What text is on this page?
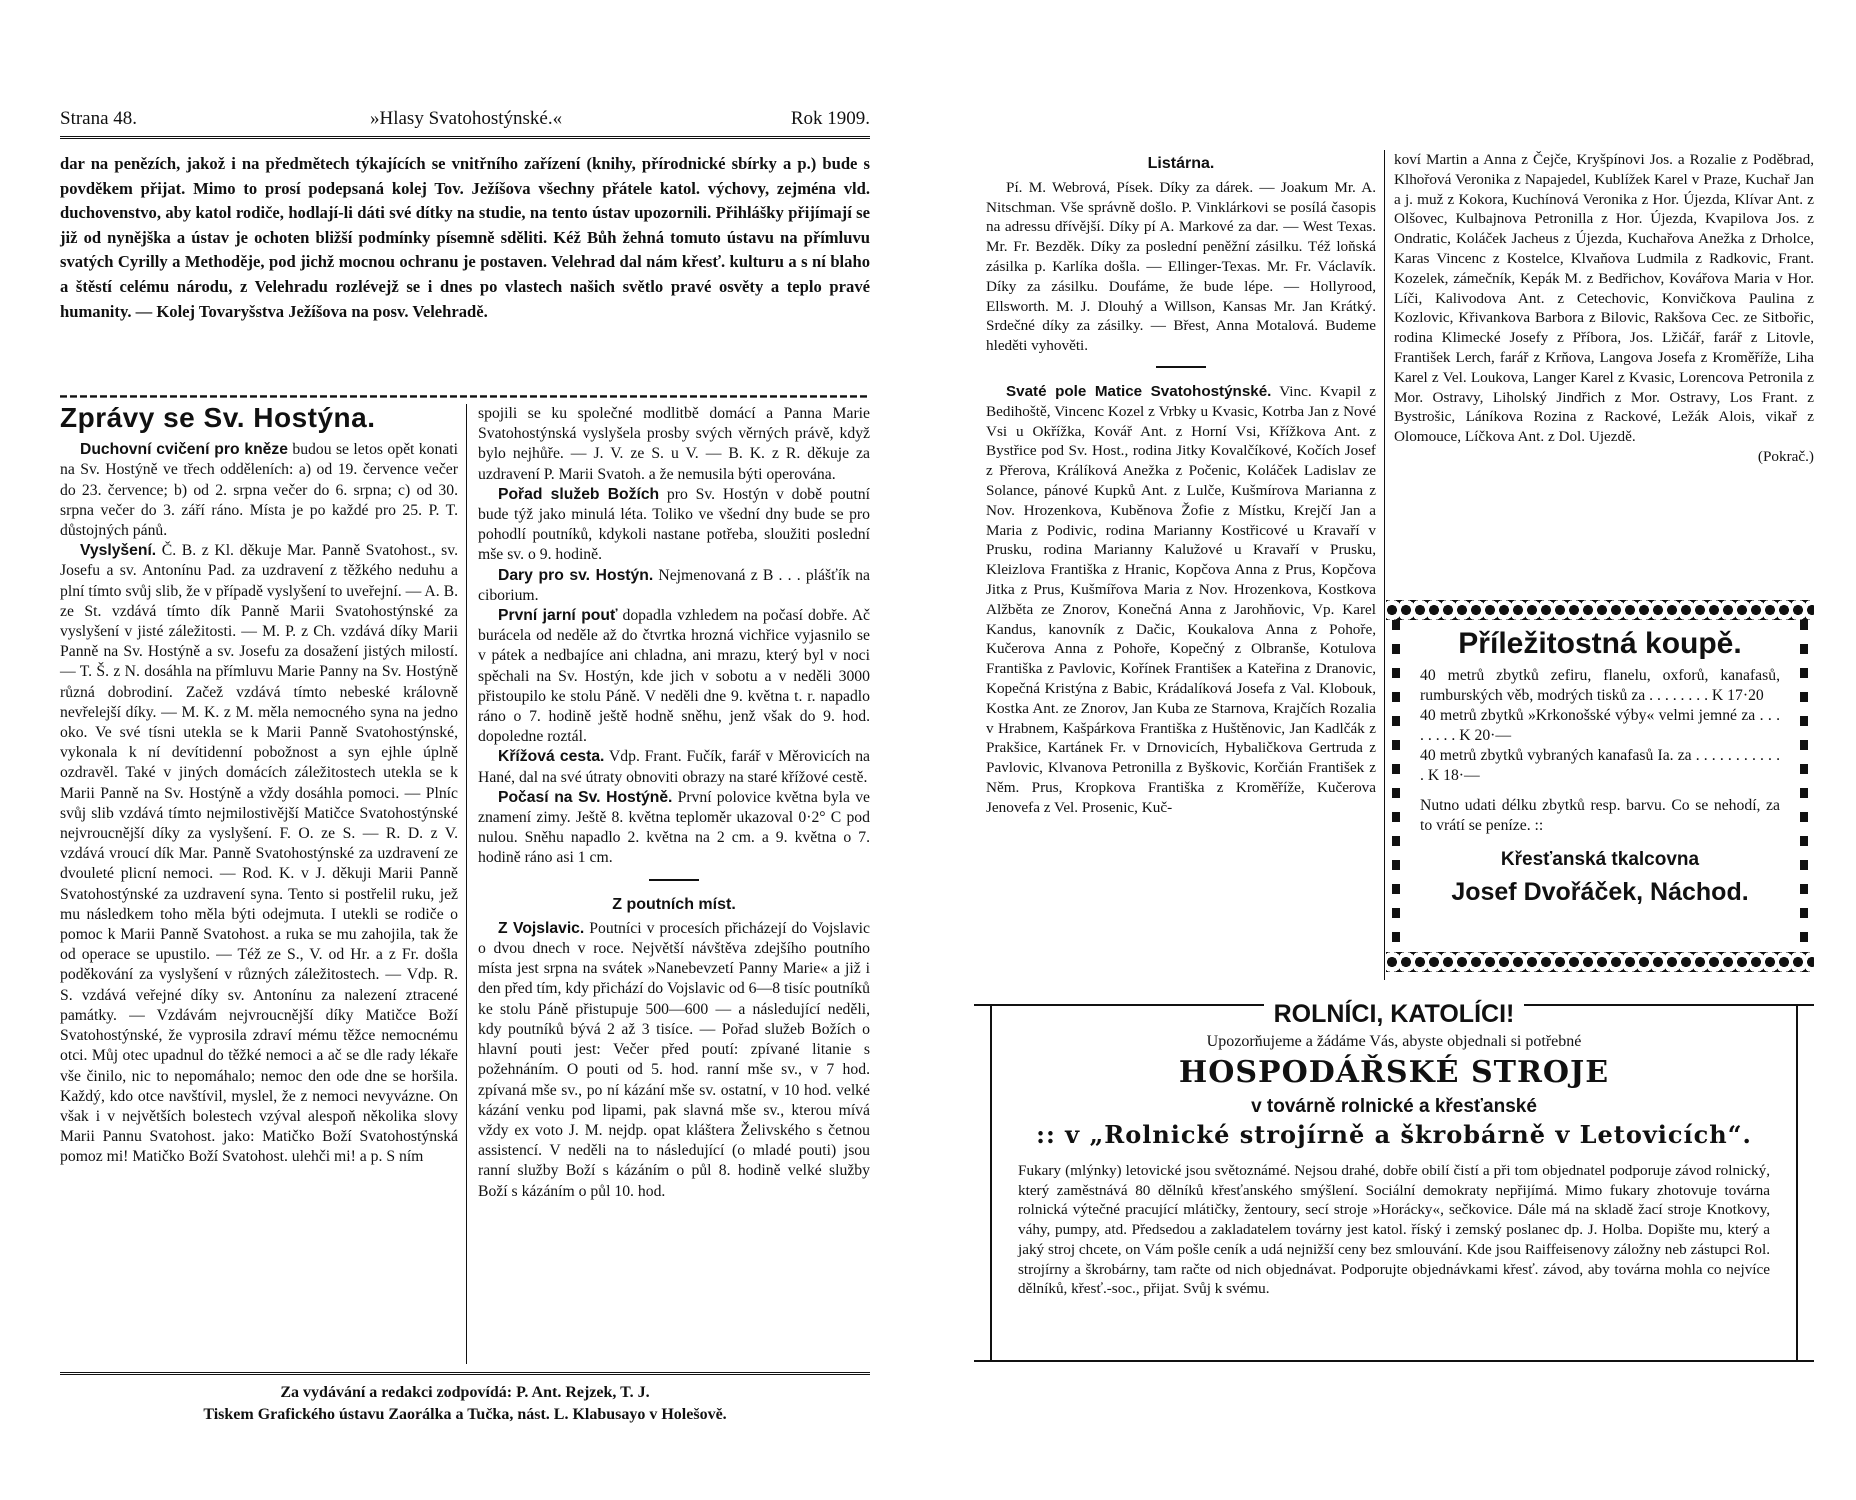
Strana 48.	»Hlasy Svatohostýnské.«	Rok 1909.
dar na penězích, jakož i na předmětech týkajících se vnitřního zařízení (knihy, přírodnické sbírky a p.) bude s povděkem přijat. Mimo to prosí podepsaná kolej Tov. Ježíšova všechny přátele katol. výchovy, zejména vld. duchovenstvo, aby katol rodiče, hodlají-li dáti své dítky na studie, na tento ústav upozornili. Přihlášky přijímají se již od nynějška a ústav je ochoten bližší podmínky písemně sděliti. Kéž Bůh žehná tomuto ústavu na přímluvu svatých Cyrilly a Methoděje, pod jichž mocnou ochranu je postaven. Velehrad dal nám křesť. kulturu a s ní blaho a štěstí celému národu, z Velehradu rozlévejž se i dnes po vlastech našich světlo pravé osvěty a teplo pravé humanity. — Kolej Tovaryšstva Ježíšova na posv. Velehradě.
Zprávy se Sv. Hostýna.

Duchovní cvičení pro kněze budou se letos opět konati na Sv. Hostýně ve třech odděleních: a) od 19. července večer do 23. července; b) od 2. srpna večer do 6. srpna; c) od 30. srpna večer do 3. září ráno. Místa je po každé pro 25. P. T. důstojných pánů.

Vyslyšení. Č. B. z Kl. děkuje Mar. Panně Svatohost., sv. Josefu a sv. Antonínu Pad. za uzdravení z těžkého neduhu a plní tímto svůj slib, že v případě vyslyšení to uveřejní. — A. B. ze St. vzdává tímto dík Panně Marii Svatohostýnské za vyslyšení v jisté záležitosti. — M. P. z Ch. vzdává díky Marii Panně na Sv. Hostýně a sv. Josefu za dosažení jistých milostí. — T. Š. z N. dosáhla na přímluvu Marie Panny na Sv. Hostýně různá dobrodiní. Začež vzdává tímto nebeské královně nevřelejší díky. — M. K. z M. měla nemocného syna na jedno oko. Ve své tísni utekla se k Marii Panně Svatohostýnské, vykonala k ní devítidenní pobožnost a syn ejhle úplně ozdravěl. Také v jiných domácích záležitostech utekla se k Marii Panně na Sv. Hostýně a vždy dosáhla pomoci. — Plníc svůj slib vzdává tímto nejmilostivější Matičce Svatohostýnské nejvroucnější díky za vyslyšení. F. O. ze S. — R. D. z V. vzdává vroucí dík Mar. Panně Svatohostýnské za uzdravení ze dvouleté plicní nemoci. — Rod. K. v J. děkuji Marii Panně Svatohostýnské za uzdravení syna. Tento si postřelil ruku, jež mu následkem toho měla býti odejmuta. I utekli se rodiče o pomoc k Marii Panně Svatohost. a ruka se mu zahojila, tak že od operace se upustilo. — Též ze S., V. od Hr. a z Fr. došla poděkování za vyslyšení v různých záležitostech. — Vdp. R. S. vzdává veřejné díky sv. Antonínu za nalezení ztracené památky. — Vzdávám nejvroucnější díky Matičce Boží Svatohostýnské, že vyprosila zdraví mému těžce nemocnému otci. Můj otec upadnul do těžké nemoci a ač se dle rady lékaře vše činilo, nic to nepomáhalo; nemoc den ode dne se horšila. Každý, kdo otce navštívil, myslel, že z nemoci nevyvázne. On však i v největších bolestech vzýval alespoň několika slovy Marii Pannu Svatohost. jako: Matičko Boží Svatohostýnská pomoz mi! Matičko Boží Svatohost. ulehči mi! a p. S ním

spojili se ku společné modlitbě domácí a Panna Marie Svatohostýnská vyslyšela prosby svých věrných právě, když bylo nejhůře. — J. V. ze S. u V. — B. K. z R. děkuje za uzdravení P. Marii Svatoh. a že nemusila býti operována.

Pořad služeb Božích pro Sv. Hostýn v době poutní bude týž jako minulá léta. Toliko ve všední dny bude se pro pohodlí poutníků, kdykoli nastane potřeba, sloužiti poslední mše sv. o 9. hodině.

Dary pro sv. Hostýn. Nejmenovaná z B . . . plášťík na ciborium.

První jarní pouť dopadla vzhledem na počasí dobře. Ač burácela od neděle až do čtvrtka hrozná vichřice vyjasnilo se v pátek a nedbajíce ani chladna, ani mrazu, který byl v noci spěchali na Sv. Hostýn, kde jich v sobotu a v neděli 3000 přistoupilo ke stolu Páně. V neděli dne 9. května t. r. napadlo ráno o 7. hodině ještě hodně sněhu, jenž však do 9. hod. dopoledne roztál.

Křížová cesta. Vdp. Frant. Fučík, farář v Měrovicích na Hané, dal na své útraty obnoviti obrazy na staré křížové cestě.

Počasí na Sv. Hostýně. První polovice května byla ve znamení zimy. Ještě 8. května teploměr ukazoval 0·2° C pod nulou. Sněhu napadlo 2. května na 2 cm. a 9. května o 7. hodině ráno asi 1 cm.

Z poutních míst.

Z Vojslavic. Poutníci v procesích přicházejí do Vojslavic o dvou dnech v roce. Největší návštěva zdejšího poutního místa jest srpna na svátek »Nanebevzetí Panny Marie« a již i den před tím, kdy přichází do Vojslavic od 6—8 tisíc poutníků ke stolu Páně přistupuje 500—600 — a následující neděli, kdy poutníků bývá 2 až 3 tisíce. — Pořad služeb Božích o hlavní pouti jest: Večer před poutí: zpívané litanie s požehnáním. O pouti od 5. hod. ranní mše sv., v 7 hod. zpívaná mše sv., po ní kázání mše sv. ostatní, v 10 hod. velké kázání venku pod lipami, pak slavná mše sv., kterou mívá vždy ex voto J. M. nejdp. opat kláštera Želivského s četnou assistencí. V neděli na to následující (o mladé pouti) jsou ranní služby Boží s kázáním o půl 8. hodině velké služby Boží s kázáním o půl 10. hod.

Za vydávání a redakci zodpovídá: P. Ant. Rejzek, T. J.
Tiskem Grafického ústavu Zaorálka a Tučka, nást. L. Klabusayo v Holešově.
Listárna.

Pí. M. Webrová, Písek. Díky za dárek. — Joakum Mr. A. Nitschman. Vše správně došlo. P. Vinklárkovi se posílá časopis na adressu dřívější. Díky pí A. Markové za dar. — West Texas. Mr. Fr. Bezděk. Díky za poslední peněžní zásilku. Též loňská zásilka p. Karlíka došla. — Ellinger-Texas. Mr. Fr. Václavík. Díky za zásilku. Doufáme, že bude lépe. — Hollyrood, Ellsworth. M. J. Dlouhý a Willson, Kansas Mr. Jan Krátký. Srdečné díky za zásilky. — Břest, Anna Motalová. Budeme hleděti vyhověti.

Svaté pole Matice Svatohostýnské. Vinc. Kvapil z Bedihoště, Vincenc Kozel z Vrbky u Kvasic, Kotrba Jan z Nové Vsi u Okřížka, Kovář Ant. z Horní Vsi, Křížkova Ant. z Bystřice pod Sv. Host., rodina Jitky Kovalčíkové, Kočích Josef z Přerova, Králíková Anežka z Počenic, Koláček Ladislav ze Solance, pánové Kupků Ant. z Lulče, Kušmírova Marianna z Nov. Hrozenkova, Kuběnova Žofie z Místku, Krejčí Jan a Maria z Podivic, rodina Marianny Kostřicové u Kravaří v Prusku, rodina Marianny Kalužové u Kravaří v Prusku, Kleizlova Františka z Hranic, Kopčova Anna z Prus, Kopčova Jitka z Prus, Kušmířova Maria z Nov. Hrozenkova, Kostkova Alžběta ze Znorov, Konečná Anna z Jarohňovic, Vp. Karel Kandus, kanovník z Dačic, Koukalova Anna z Pohoře, Kučerova Anna z Pohoře, Kopečný z Olbranše, Kotulova Františka z Pavlovic, Kořínek Františeк a Kateřina z Dranovic, Kopečná Kristýna z Babic, Krádalíková Josefa z Val. Klobouk, Kostka Ant. ze Znorov, Jan Kuba ze Starnova, Krajčích Rozalia v Hrabnem, Kašpárkova Františka z Huštěnovic, Jan Kadlčák z Prakšice, Kartánek Fr. v Drnovicích, Hybaličkova Gertruda z Pavlovic, Klvanova Petronilla z Byškovic, Korčián František z Něm. Prus, Kropkova Františka z Kroměříže, Kučerova Jenovefa z Vel. Prosenic, Kuč-

koví Martin a Anna z Čejče, Kryšpínovi Jos. a Rozalie z Poděbrad, Klhořová Veronika z Napajedel, Kublížek Karel v Praze, Kuchař Jan a j. muž z Kokora, Kuchínová Veronika z Hor. Újezda, Klívar Ant. z Olšovec, Kulbajnova Petronilla z Hor. Újezda, Kvapilova Jos. z Ondratic, Koláček Jacheus z Újezda, Kuchařova Anežka z Drholce, Karas Vincenc z Kostelce, Klvaňova Ludmila z Radkovic, Frant. Kozelek, zámečník, Kepák M. z Bedřichov, Kovářova Maria v Hor. Líči, Kalivodova Ant. z Cetechovic, Konvičkova Paulina z Kozlovic, Křivankova Barbora z Bilovic, Rakšova Cec. ze Sitbořic, rodina Klimecké Josefy z Příbora, Jos. Lžičář, farář z Litovle, František Lerch, farář z Krňova, Langova Josefa z Kroměříže, Liha Karel z Vel. Loukova, Langer Karel z Kvasic, Lorencova Petronila z Mor. Ostravy, Liholský Jindřich z Mor. Ostravy, Los Frant. z Bystrošic, Láníkova Rozina z Rackové, Ležák Alois, vikař z Olomouce, Líčkova Ant. z Dol. Ujezdě.

(Pokrač.)
Příležitostná koupě.
40 metrů zbytků zefiru, flanelu, oxforů, kanafasů, rumburských věb, modrých tisků za . . . . . . . . K 17·20
40 metrů zbytků »Krkonošské výby« velmi jemné za . . . . . . . . K 20·—
40 metrů zbytků vybraných kanafasů Ia. za . . . . . . . . . . . . K 18·—
Nutno udati délku zbytků resp. barvu. Co se nehodí, za to vrátí se peníze. ::
Křesťanská tkalcovna
Josef Dvořáček, Náchod.
ROLNÍCI, KATOLÍCI!
Upozorňujeme a žádáme Vás, abyste objednali si potřebné
HOSPODÁŘSKÉ STROJE
v továrně rolnické a křesťanské
:: v „Rolnické strojírně a škrobárně v Letovicích“.
Fukary (mlýnky) letovické jsou světoznámé. Nejsou drahé, dobře obilí čistí a při tom objednatel podporuje závod rolnický, který zaměstnává 80 dělníků křesťanského smýšlení. Sociální demokraty nepřijímá. Mimo fukary zhotovuje továrna rolnická výtečné pracující mlátičky, žentoury, secí stroje »Horácky«, sečkovice. Dále má na skladě žací stroje Knotkovy, váhy, pumpy, atd. Předsedou a zakladatelem továrny jest katol. říský i zemský poslanec dp. J. Holba. Dopište mu, který a jaký stroj chcete, on Vám pošle ceník a udá nejnižší ceny bez smlouvání. Kde jsou Raiffeisenovy záložny neb zástupci Rol. strojírny a škrobárny, tam račte od nich objednávat. Podporujte objednávkami křesť. závod, aby továrna mohla co nejvíce dělníků, křesť.-soc., přijat. Svůj k svému.
